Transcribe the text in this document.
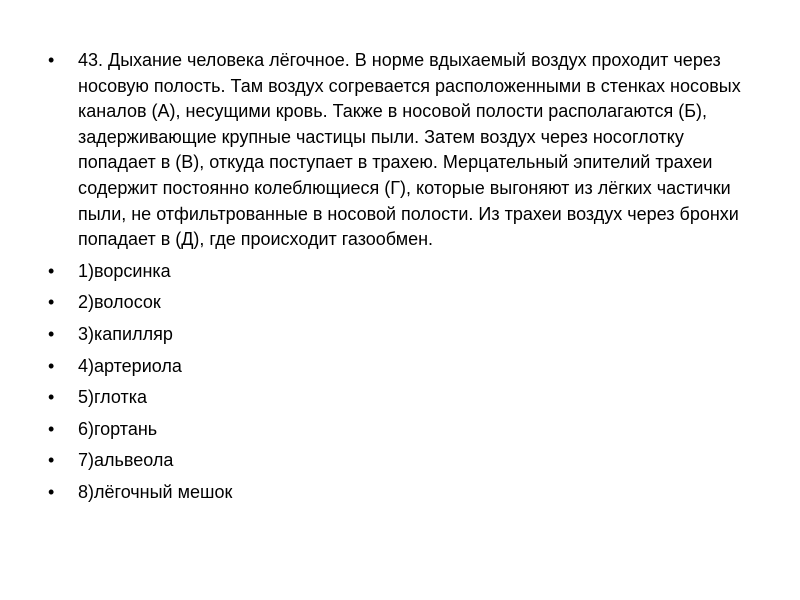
•	43. Дыхание человека лёгочное. В норме вдыхаемый воздух проходит через носовую полость. Там воздух согревается расположенными в стенках носовых каналов (А), несущими кровь. Также в носовой полости располагаются (Б), задерживающие крупные частицы пыли. Затем воздух через носоглотку попадает в (В), откуда поступает в трахею. Мерцательный эпителий трахеи содержит постоянно колеблющиеся (Г), которые выгоняют из лёгких частички пыли, не отфильтрованные в носовой полости. Из трахеи воздух через бронхи попадает в (Д), где происходит газообмен.
•	1)ворсинка
•	2)волосок
•	3)капилляр
•	4)артериола
•	5)глотка
•	6)гортань
•	7)альвеола
•	8)лёгочный мешок
